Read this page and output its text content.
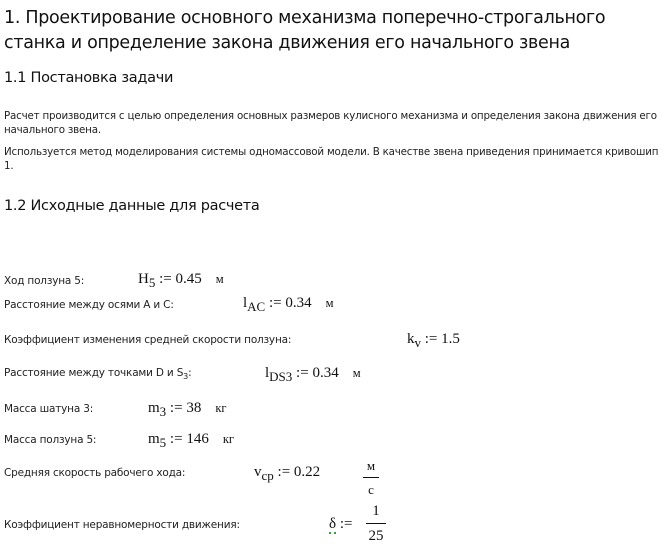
1. Проектирование основного механизма поперечно-строгального станка и определение закона движения его начального звена
1.1 Постановка задачи
Расчет производится с целью определения основных размеров кулисного механизма и определения закона движения его начального звена.
Используется метод моделирования системы одномассовой модели. В качестве звена приведения принимается кривошип 1.
1.2 Исходные данные для расчета
Ход ползуна 5:	$H_5$ := 0.45 м
Расстояние между осями А и С:	$l_{AC}$ := 0.34 м
Коэффициент изменения средней скорости ползуна:	$k_v$ := 1.5
Расстояние между точками D и $S_3$:	$l_{DS3}$ := 0.34 м
Масса шатуна 3:	$m_3$ := 38 кг
Масса ползуна 5:	$m_5$ := 146 кг
Средняя скорость рабочего хода:	$v_{ср}$ := 0.22	м
с
Коэффициент неравномерности движения:	δ :=
1
25
